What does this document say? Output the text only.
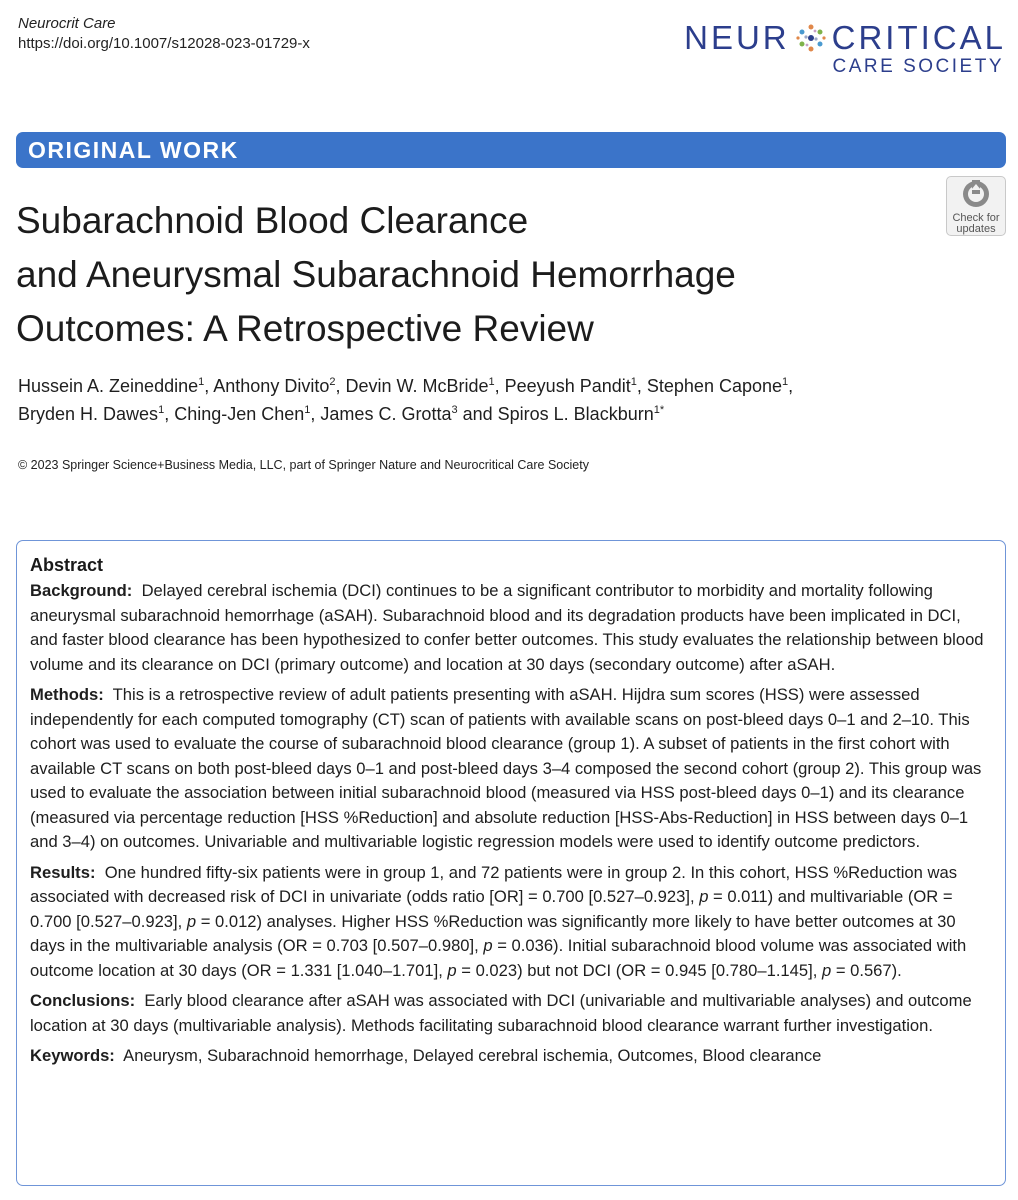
Neurocrit Care
https://doi.org/10.1007/s12028-023-01729-x	NEUR CRITICAL
CARE SOCIETY
ORIGINAL WORK
Check for
updates
Subarachnoid Blood Clearance
and Aneurysmal Subarachnoid Hemorrhage
Outcomes: A Retrospective Review
Hussein A. Zeineddine$^1$, Anthony Divito$^2$, Devin W. McBride$^1$, Peeyush Pandit$^1$, Stephen Capone$^1$,
Bryden H. Dawes$^1$, Ching-Jen Chen$^1$, James C. Grotta$^3$ and Spiros L. Blackburn$^{1*}$
© 2023 Springer Science+Business Media, LLC, part of Springer Nature and Neurocritical Care Society
Abstract

Background: Delayed cerebral ischemia (DCI) continues to be a significant contributor to morbidity and mortality following aneurysmal subarachnoid hemorrhage (aSAH). Subarachnoid blood and its degradation products have been implicated in DCI, and faster blood clearance has been hypothesized to confer better outcomes. This study evaluates the relationship between blood volume and its clearance on DCI (primary outcome) and location at 30 days (secondary outcome) after aSAH.

Methods: This is a retrospective review of adult patients presenting with aSAH. Hijdra sum scores (HSS) were assessed independently for each computed tomography (CT) scan of patients with available scans on post-bleed days 0–1 and 2–10. This cohort was used to evaluate the course of subarachnoid blood clearance (group 1). A subset of patients in the first cohort with available CT scans on both post-bleed days 0–1 and post-bleed days 3–4 composed the second cohort (group 2). This group was used to evaluate the association between initial subarachnoid blood (measured via HSS post-bleed days 0–1) and its clearance (measured via percentage reduction [HSS %Reduction] and absolute reduction [HSS-Abs-Reduction] in HSS between days 0–1 and 3–4) on outcomes. Univariable and multivariable logistic regression models were used to identify outcome predictors.

Results: One hundred fifty-six patients were in group 1, and 72 patients were in group 2. In this cohort, HSS %Reduction was associated with decreased risk of DCI in univariate (odds ratio [OR] = 0.700 [0.527–0.923], p = 0.011) and multivariable (OR = 0.700 [0.527–0.923], p = 0.012) analyses. Higher HSS %Reduction was significantly more likely to have better outcomes at 30 days in the multivariable analysis (OR = 0.703 [0.507–0.980], p = 0.036). Initial subarachnoid blood volume was associated with outcome location at 30 days (OR = 1.331 [1.040–1.701], p = 0.023) but not DCI (OR = 0.945 [0.780–1.145], p = 0.567).

Conclusions: Early blood clearance after aSAH was associated with DCI (univariable and multivariable analyses) and outcome location at 30 days (multivariable analysis). Methods facilitating subarachnoid blood clearance warrant further investigation.

Keywords: Aneurysm, Subarachnoid hemorrhage, Delayed cerebral ischemia, Outcomes, Blood clearance
